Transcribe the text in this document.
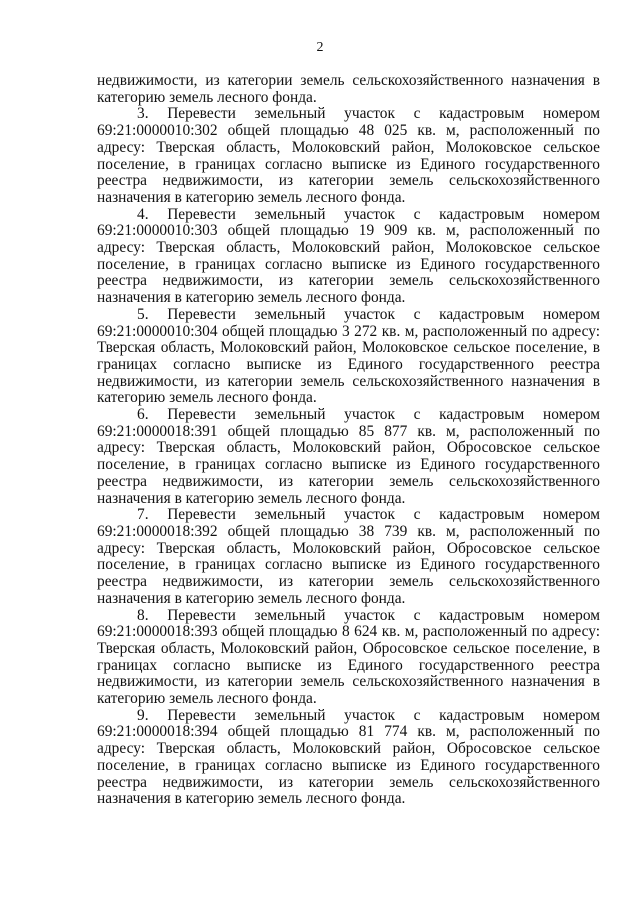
2

недвижимости, из категории земель сельскохозяйственного назначения в категорию земель лесного фонда.

3. Перевести земельный участок с кадастровым номером 69:21:0000010:302 общей площадью 48 025 кв. м, расположенный по адресу: Тверская область, Молоковский район, Молоковское сельское поселение, в границах согласно выписке из Единого государственного реестра недвижимости, из категории земель сельскохозяйственного назначения в категорию земель лесного фонда.

4. Перевести земельный участок с кадастровым номером 69:21:0000010:303 общей площадью 19 909 кв. м, расположенный по адресу: Тверская область, Молоковский район, Молоковское сельское поселение, в границах согласно выписке из Единого государственного реестра недвижимости, из категории земель сельскохозяйственного назначения в категорию земель лесного фонда.

5. Перевести земельный участок с кадастровым номером 69:21:0000010:304 общей площадью 3 272 кв. м, расположенный по адресу: Тверская область, Молоковский район, Молоковское сельское поселение, в границах согласно выписке из Единого государственного реестра недвижимости, из категории земель сельскохозяйственного назначения в категорию земель лесного фонда.

6. Перевести земельный участок с кадастровым номером 69:21:0000018:391 общей площадью 85 877 кв. м, расположенный по адресу: Тверская область, Молоковский район, Обросовское сельское поселение, в границах согласно выписке из Единого государственного реестра недвижимости, из категории земель сельскохозяйственного назначения в категорию земель лесного фонда.

7. Перевести земельный участок с кадастровым номером 69:21:0000018:392 общей площадью 38 739 кв. м, расположенный по адресу: Тверская область, Молоковский район, Обросовское сельское поселение, в границах согласно выписке из Единого государственного реестра недвижимости, из категории земель сельскохозяйственного назначения в категорию земель лесного фонда.

8. Перевести земельный участок с кадастровым номером 69:21:0000018:393 общей площадью 8 624 кв. м, расположенный по адресу: Тверская область, Молоковский район, Обросовское сельское поселение, в границах согласно выписке из Единого государственного реестра недвижимости, из категории земель сельскохозяйственного назначения в категорию земель лесного фонда.

9. Перевести земельный участок с кадастровым номером 69:21:0000018:394 общей площадью 81 774 кв. м, расположенный по адресу: Тверская область, Молоковский район, Обросовское сельское поселение, в границах согласно выписке из Единого государственного реестра недвижимости, из категории земель сельскохозяйственного назначения в категорию земель лесного фонда.
